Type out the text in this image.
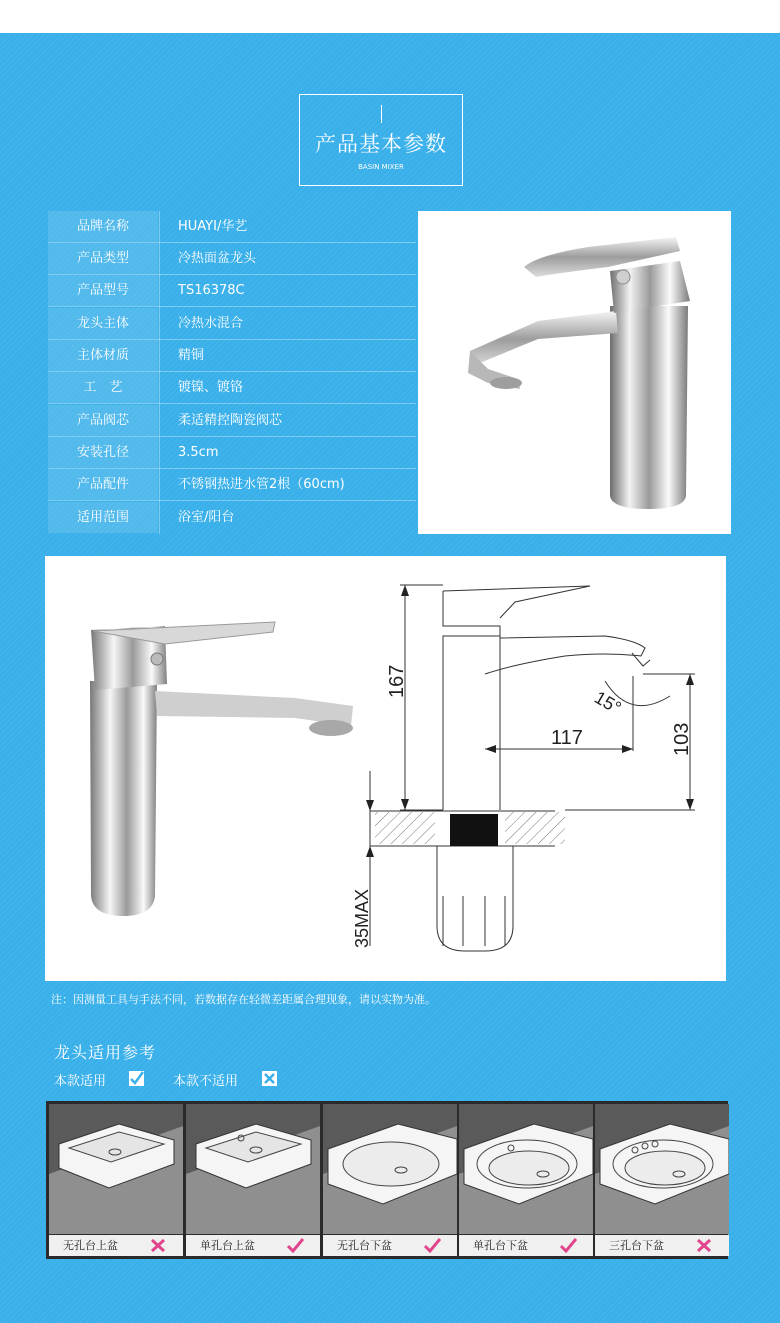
产品基本参数
BASIN MIXER
品牌名称	HUAYI/华艺
产品类型	冷热面盆龙头
产品型号	TS16378C
龙头主体	冷热水混合
主体材质	精铜
工　艺	镀镍、镀铬
产品阀芯	柔适精控陶瓷阀芯
安装孔径	3.5cm
产品配件	不锈钢热进水管2根（60cm)
适用范围	浴室/阳台
167
117	103
15°
35MAX
注：因测量工具与手法不同，若数据存在轻微差距属合理现象，请以实物为准。
龙头适用参考
本款适用	本款不适用
无孔台上盆	单孔台上盆	无孔台下盆	单孔台下盆	三孔台下盆
